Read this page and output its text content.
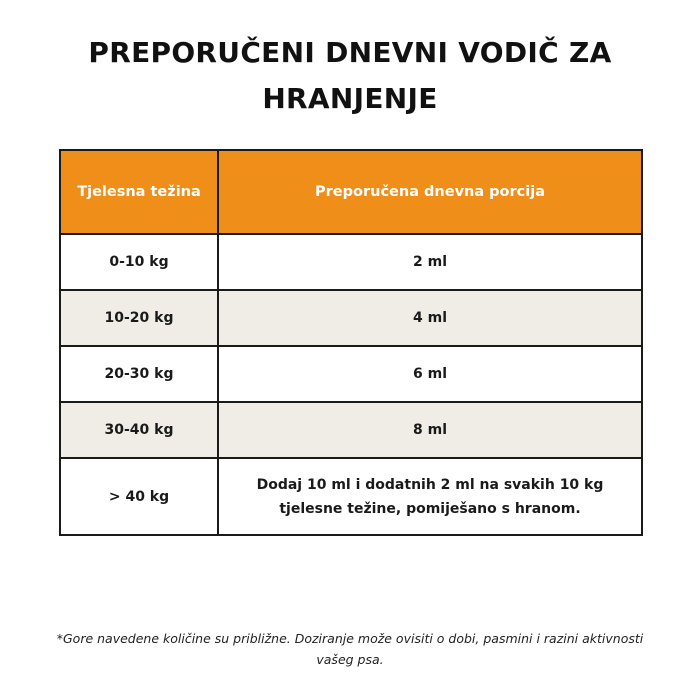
PREPORUČENI DNEVNI VODIČ ZA HRANJENJE
Tjelesna težina	Preporučena dnevna porcija
0-10 kg	2 ml
10-20 kg	4 ml
20-30 kg	6 ml
30-40 kg	8 ml
> 40 kg	Dodaj 10 ml i dodatnih 2 ml na svakih 10 kg tjelesne težine, pomiješano s hranom.

*Gore navedene količine su približne. Doziranje može ovisiti o dobi, pasmini i razini aktivnosti vašeg psa.
